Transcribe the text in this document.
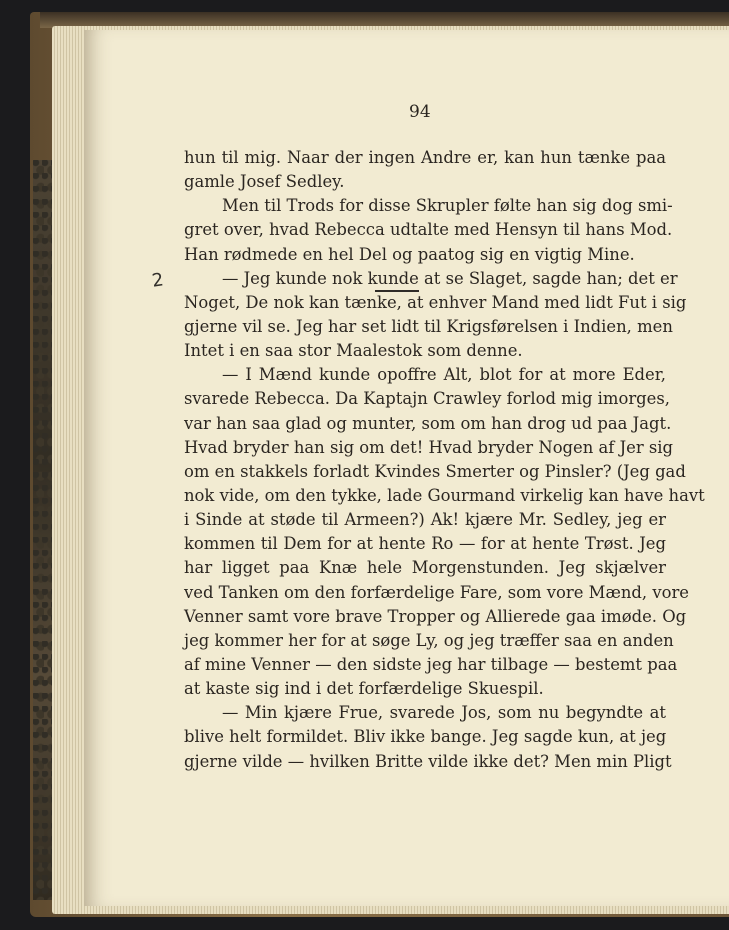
94
2
hun til mig. Naar der ingen Andre er, kan hun tænke paa
gamle Josef Sedley.
Men til Trods for disse Skrupler følte han sig dog smi-
gret over, hvad Rebecca udtalte med Hensyn til hans Mod.
Han rødmede en hel Del og paatog sig en vigtig Mine.
— Jeg kunde nok kunde at se Slaget, sagde han; det er
Noget, De nok kan tænke, at enhver Mand med lidt Fut i sig
gjerne vil se. Jeg har set lidt til Krigsførelsen i Indien, men
Intet i en saa stor Maalestok som denne.
— I Mænd kunde opoffre Alt, blot for at more Eder,
svarede Rebecca. Da Kaptajn Crawley forlod mig imorges,
var han saa glad og munter, som om han drog ud paa Jagt.
Hvad bryder han sig om det! Hvad bryder Nogen af Jer sig
om en stakkels forladt Kvindes Smerter og Pinsler? (Jeg gad
nok vide, om den tykke, lade Gourmand virkelig kan have havt
i Sinde at støde til Armeen?) Ak! kjære Mr. Sedley, jeg er
kommen til Dem for at hente Ro — for at hente Trøst. Jeg
har ligget paa Knæ hele Morgenstunden. Jeg skjælver
ved Tanken om den forfærdelige Fare, som vore Mænd, vore
Venner samt vore brave Tropper og Allierede gaa imøde. Og
jeg kommer her for at søge Ly, og jeg træffer saa en anden
af mine Venner — den sidste jeg har tilbage — bestemt paa
at kaste sig ind i det forfærdelige Skuespil.
— Min kjære Frue, svarede Jos, som nu begyndte at
blive helt formildet. Bliv ikke bange. Jeg sagde kun, at jeg
gjerne vilde — hvilken Britte vilde ikke det? Men min Pligt
